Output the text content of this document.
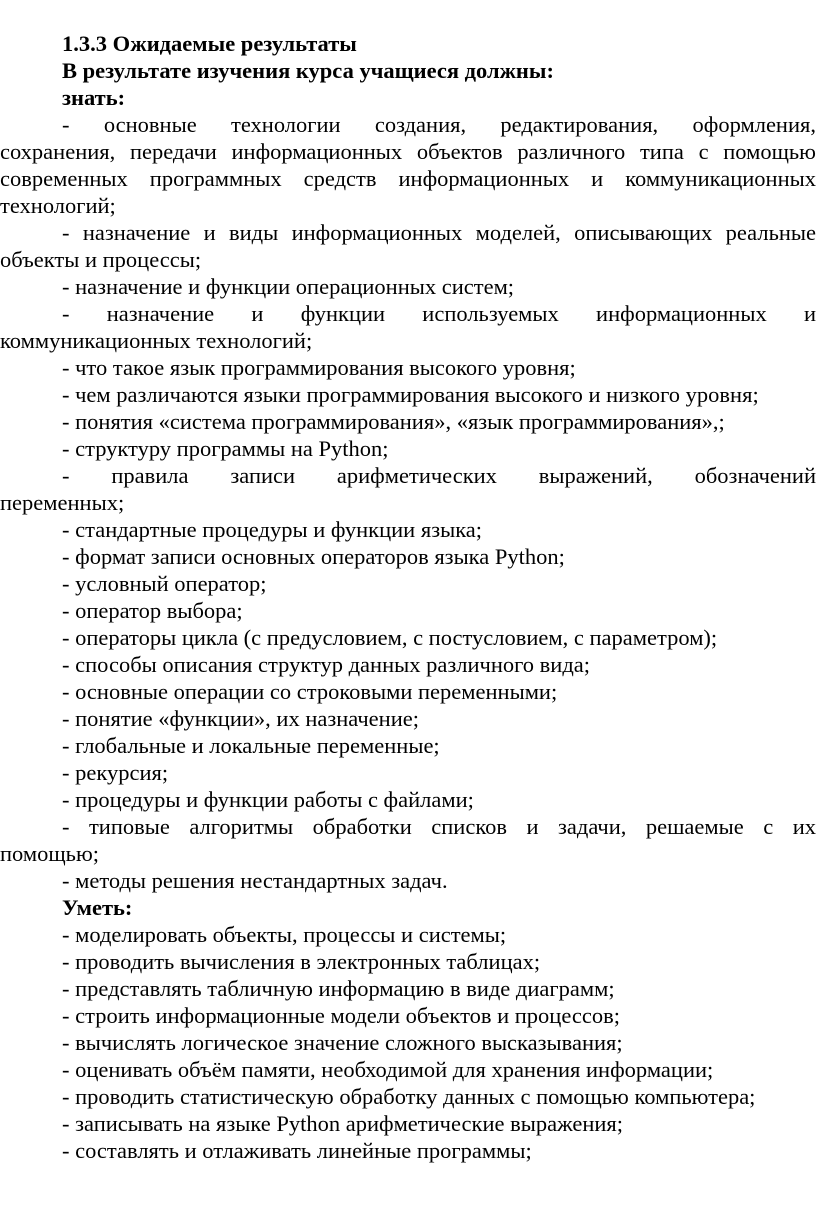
1.3.3 Ожидаемые результаты
В результате изучения курса учащиеся должны:
знать:
- основные технологии создания, редактирования, оформления,
сохранения, передачи информационных объектов различного типа с помощью
современных программных средств информационных и коммуникационных
технологий;
- назначение и виды информационных моделей, описывающих реальные
объекты и процессы;
- назначение и функции операционных систем;
- назначение и функции используемых информационных и
коммуникационных технологий;
- что такое язык программирования высокого уровня;
- чем различаются языки программирования высокого и низкого уровня;
- понятия «система программирования», «язык программирования»,;
- структуру программы на Python;
- правила записи арифметических выражений, обозначений
переменных;
- стандартные процедуры и функции языка;
- формат записи основных операторов языка Python;
- условный оператор;
- оператор выбора;
- операторы цикла (с предусловием, с постусловием, с параметром);
- способы описания структур данных различного вида;
- основные операции со строковыми переменными;
- понятие «функции», их назначение;
- глобальные и локальные переменные;
- рекурсия;
- процедуры и функции работы с файлами;
- типовые алгоритмы обработки списков и задачи, решаемые с их
помощью;
- методы решения нестандартных задач.
Уметь:
- моделировать объекты, процессы и системы;
- проводить вычисления в электронных таблицах;
- представлять табличную информацию в виде диаграмм;
- строить информационные модели объектов и процессов;
- вычислять логическое значение сложного высказывания;
- оценивать объём памяти, необходимой для хранения информации;
- проводить статистическую обработку данных с помощью компьютера;
- записывать на языке Python арифметические выражения;
- составлять и отлаживать линейные программы;
